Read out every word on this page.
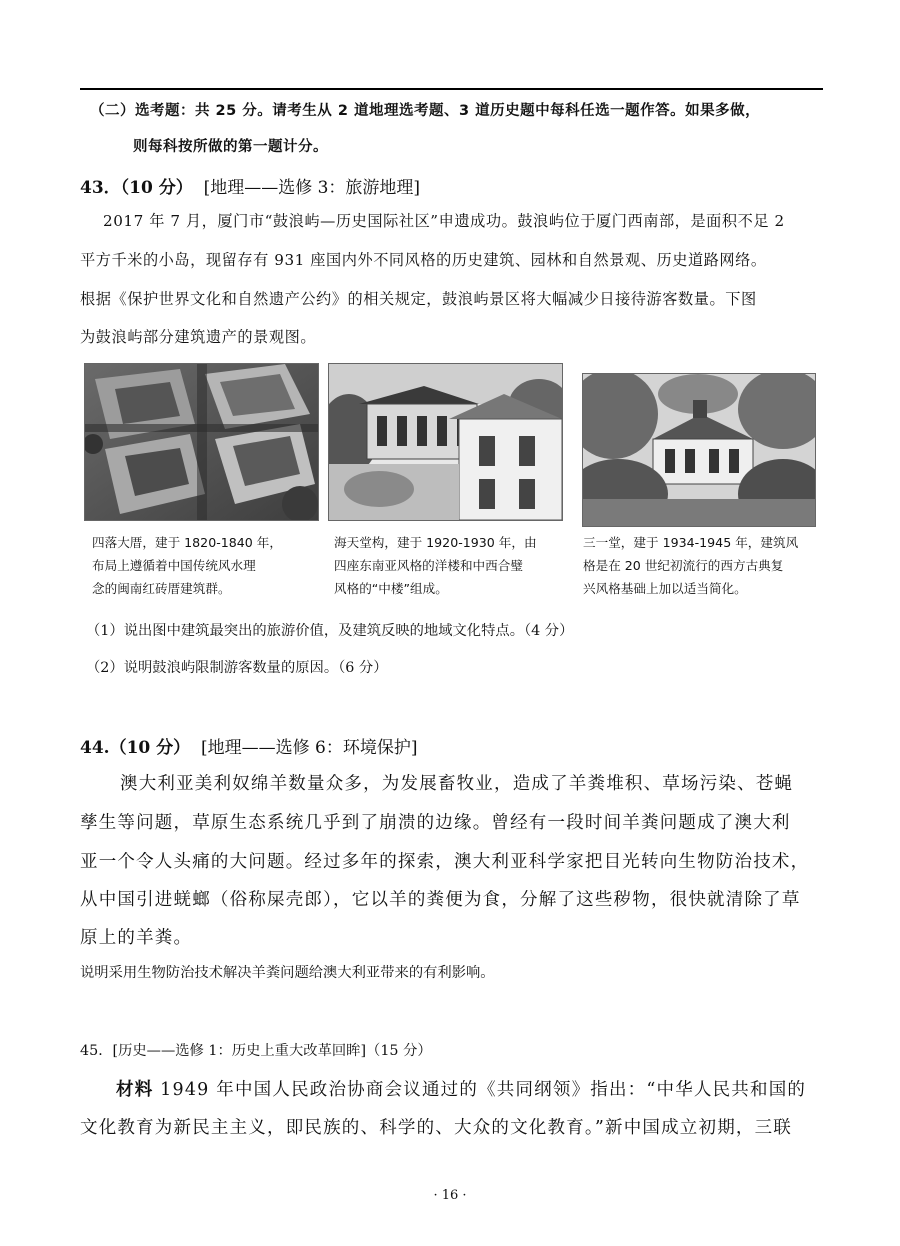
（二）选考题：共 25 分。请考生从 2 道地理选考题、3 道历史题中每科任选一题作答。如果多做，
则每科按所做的第一题计分。
43．（10 分） [地理——选修 3：旅游地理]
2017 年 7 月，厦门市“鼓浪屿—历史国际社区”申遗成功。鼓浪屿位于厦门西南部，是面积不足 2
平方千米的小岛，现留存有 931 座国内外不同风格的历史建筑、园林和自然景观、历史道路网络。
根据《保护世界文化和自然遗产公约》的相关规定，鼓浪屿景区将大幅减少日接待游客数量。下图
为鼓浪屿部分建筑遗产的景观图。
四落大厝，建于 1820-1840 年，
布局上遵循着中国传统风水理
念的闽南红砖厝建筑群。
海天堂构，建于 1920-1930 年，由
四座东南亚风格的洋楼和中西合璧
风格的“中楼”组成。
三一堂，建于 1934-1945 年，建筑风
格是在 20 世纪初流行的西方古典复
兴风格基础上加以适当简化。
（1）说出图中建筑最突出的旅游价值，及建筑反映的地域文化特点。（4 分）
（2）说明鼓浪屿限制游客数量的原因。（6 分）
44.（10 分） [地理——选修 6：环境保护]
澳大利亚美利奴绵羊数量众多，为发展畜牧业，造成了羊粪堆积、草场污染、苍蝇
孳生等问题，草原生态系统几乎到了崩溃的边缘。曾经有一段时间羊粪问题成了澳大利
亚一个令人头痛的大问题。经过多年的探索，澳大利亚科学家把目光转向生物防治技术，
从中国引进蜣螂（俗称屎壳郎），它以羊的粪便为食，分解了这些秽物，很快就清除了草
原上的羊粪。
说明采用生物防治技术解决羊粪问题给澳大利亚带来的有利影响。
45．[历史——选修 1：历史上重大改革回眸]（15 分）
材料 1949 年中国人民政治协商会议通过的《共同纲领》指出：“中华人民共和国的
文化教育为新民主主义，即民族的、科学的、大众的文化教育。”新中国成立初期，三联
· 16 ·
